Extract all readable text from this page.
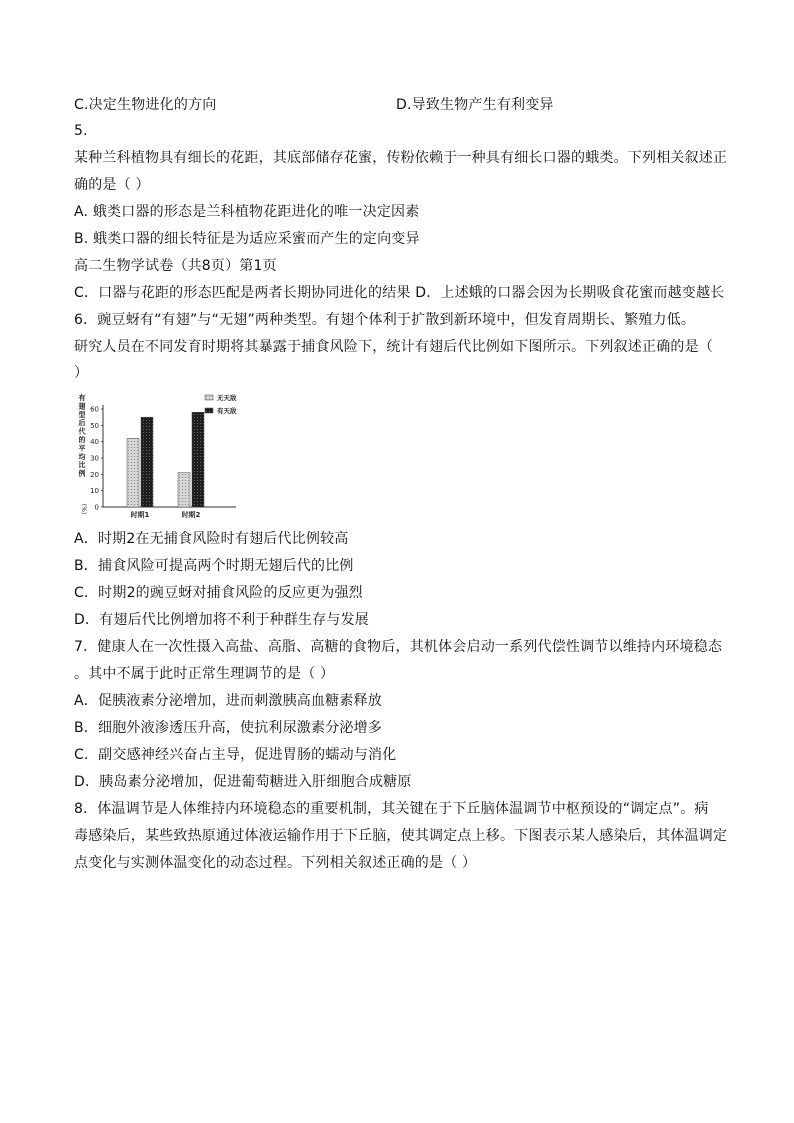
C.决定生物进化的方向	D.导致生物产生有利变异
5.
某种兰科植物具有细长的花距，其底部储存花蜜，传粉依赖于一种具有细长口器的蛾类。下列相关叙述正
确的是（ ）
A. 蛾类口器的形态是兰科植物花距进化的唯一决定因素
B. 蛾类口器的细长特征是为适应采蜜而产生的定向变异
高二生物学试卷（共8页）第1页
C．口器与花距的形态匹配是两者长期协同进化的结果 D．上述蛾的口器会因为长期吸食花蜜而越变越长
6．豌豆蚜有“有翅”与“无翅”两种类型。有翅个体利于扩散到新环境中，但发育周期长、繁殖力低。
研究人员在不同发育时期将其暴露于捕食风险下，统计有翅后代比例如下图所示。下列叙述正确的是（
）
有
翅
型
后
代
的
平
均
比
例
(%) 0
10
20
30
40
50
60
时期1	时期2
无天敌
有天敌
A．时期2在无捕食风险时有翅后代比例较高
B．捕食风险可提高两个时期无翅后代的比例
C．时期2的豌豆蚜对捕食风险的反应更为强烈
D．有翅后代比例增加将不利于种群生存与发展
7．健康人在一次性摄入高盐、高脂、高糖的食物后，其机体会启动一系列代偿性调节以维持内环境稳态
。其中不属于此时正常生理调节的是（ ）
A．促胰液素分泌增加，进而刺激胰高血糖素释放
B．细胞外液渗透压升高，使抗利尿激素分泌增多
C．副交感神经兴奋占主导，促进胃肠的蠕动与消化
D．胰岛素分泌增加，促进葡萄糖进入肝细胞合成糖原
8．体温调节是人体维持内环境稳态的重要机制，其关键在于下丘脑体温调节中枢预设的“调定点”。病
毒感染后，某些致热原通过体液运输作用于下丘脑，使其调定点上移。下图表示某人感染后，其体温调定
点变化与实测体温变化的动态过程。下列相关叙述正确的是（ ）
